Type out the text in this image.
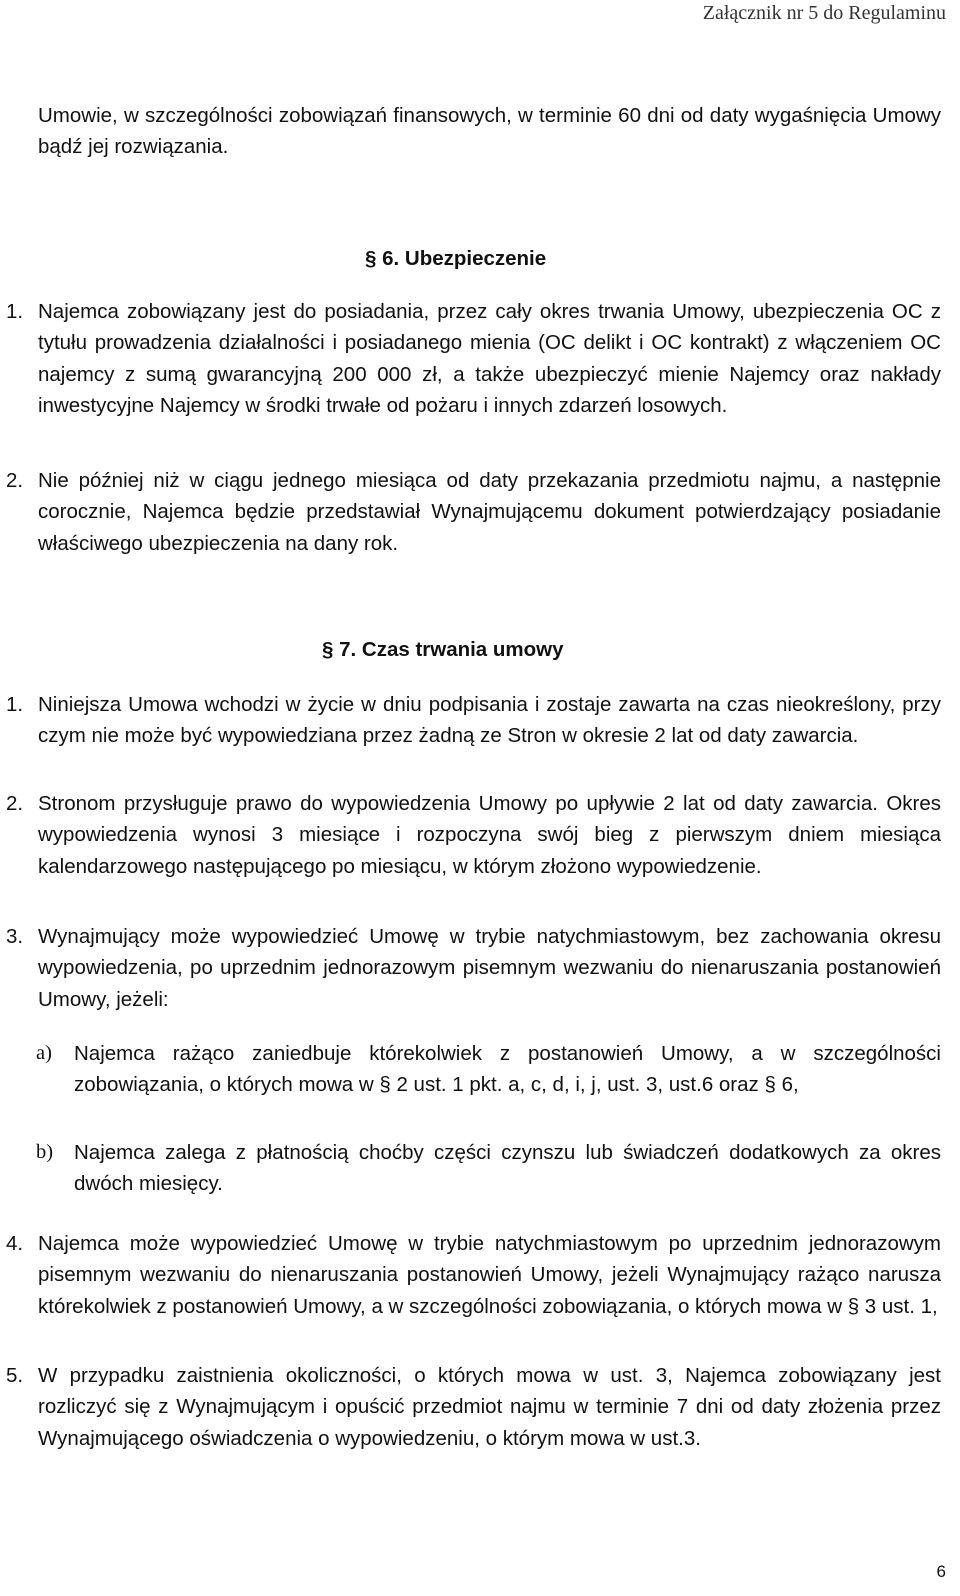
Załącznik nr 5 do Regulaminu

Umowie, w szczególności zobowiązań finansowych, w terminie 60 dni od daty wygaśnięcia Umowy bądź jej rozwiązania.

§ 6. Ubezpieczenie
1. Najemca zobowiązany jest do posiadania, przez cały okres trwania Umowy, ubezpieczenia OC z tytułu prowadzenia działalności i posiadanego mienia (OC delikt i OC kontrakt) z włączeniem OC najemcy z sumą gwarancyjną 200 000 zł, a także ubezpieczyć mienie Najemcy oraz nakłady inwestycyjne Najemcy w środki trwałe od pożaru i innych zdarzeń losowych.

2. Nie później niż w ciągu jednego miesiąca od daty przekazania przedmiotu najmu, a następnie corocznie, Najemca będzie przedstawiał Wynajmującemu dokument potwierdzający posiadanie właściwego ubezpieczenia na dany rok.

§ 7. Czas trwania umowy
1. Niniejsza Umowa wchodzi w życie w dniu podpisania i zostaje zawarta na czas nieokreślony, przy czym nie może być wypowiedziana przez żadną ze Stron w okresie 2 lat od daty zawarcia.

2. Stronom przysługuje prawo do wypowiedzenia Umowy po upływie 2 lat od daty zawarcia. Okres wypowiedzenia wynosi 3 miesiące i rozpoczyna swój bieg z pierwszym dniem miesiąca kalendarzowego następującego po miesiącu, w którym złożono wypowiedzenie.

3. Wynajmujący może wypowiedzieć Umowę w trybie natychmiastowym, bez zachowania okresu wypowiedzenia, po uprzednim jednorazowym pisemnym wezwaniu do nienaruszania postanowień Umowy, jeżeli:

a) Najemca rażąco zaniedbuje którekolwiek z postanowień Umowy, a w szczególności zobowiązania, o których mowa w § 2 ust. 1 pkt. a, c, d, i, j, ust. 3, ust.6 oraz § 6,

b) Najemca zalega z płatnością choćby części czynszu lub świadczeń dodatkowych za okres dwóch miesięcy.

4. Najemca może wypowiedzieć Umowę w trybie natychmiastowym po uprzednim jednorazowym pisemnym wezwaniu do nienaruszania postanowień Umowy, jeżeli Wynajmujący rażąco narusza którekolwiek z postanowień Umowy, a w szczególności zobowiązania, o których mowa w § 3 ust. 1,

5. W przypadku zaistnienia okoliczności, o których mowa w ust. 3, Najemca zobowiązany jest rozliczyć się z Wynajmującym i opuścić przedmiot najmu w terminie 7 dni od daty złożenia przez Wynajmującego oświadczenia o wypowiedzeniu, o którym mowa w ust.3.

6
